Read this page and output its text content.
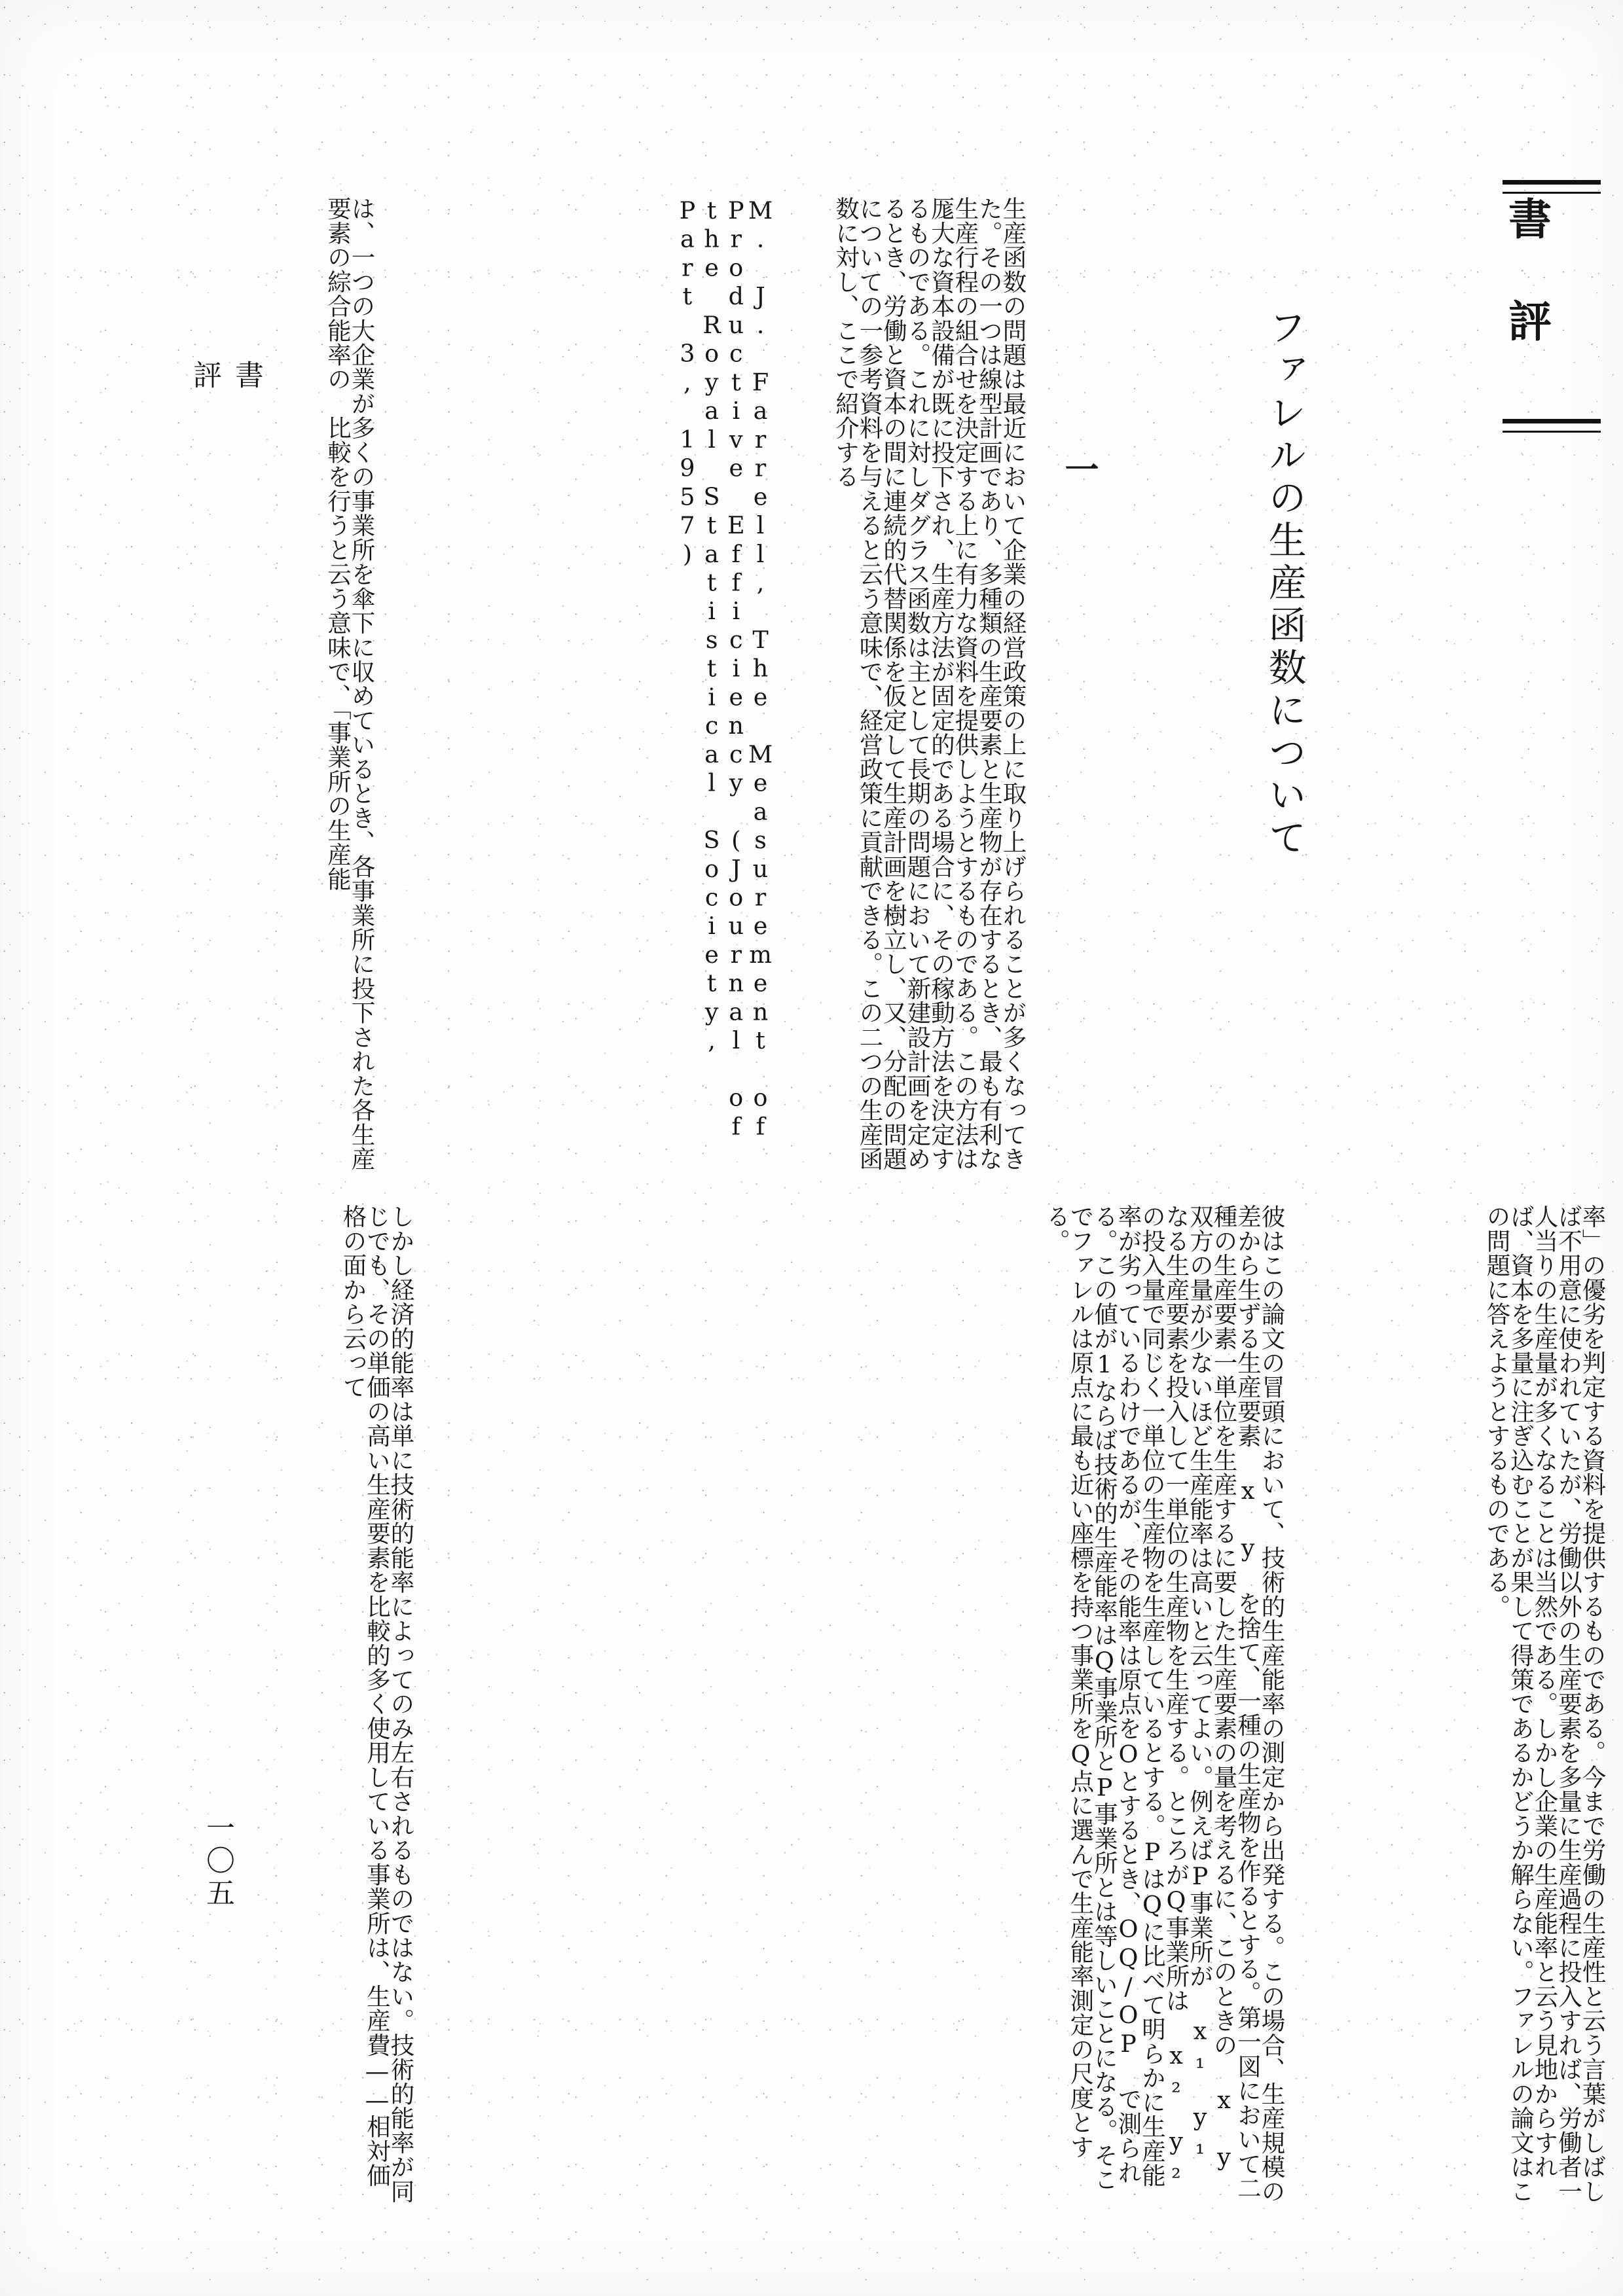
書　評
ファレルの生産函数について
一
書　　評
一〇五
生産函数の問題は最近において企業の経営政策の上に取り上げられることが多くなってきた。その一つは線型計画であり、多種類の生産要素と生産物が存在するとき、最も有利な生産行程の組合せを決定する上に有力な資料を提供しようとするものである。この方法は厖大な資本設備が既に投下され、生産方法が固定的である場合に、その稼動方法を決定するものである。これに対しダグラス函数は主として長期の問題において新建設計画を定めるとき、労働と資本の間に連続的代替関係を仮定して生産計画を樹立し、又、分配の問題についての一参考資料を与えると云う意味で、経営政策に貢献できる。この二つの生産函数に対し、ここで紹介する
M. J. Farrell, The Measurement of Productive Efficiency (Journal of the Royal Statistical Society, Part 3, 1957)
は、一つの大企業が多くの事業所を傘下に収めているとき、各事業所に投下された各生産要素の綜合能率の　比較を行うと云う意味で、「事業所の生産能
率」の優劣を判定する資料を提供するものである。今まで労働の生産性と云う言葉がしばしば不用意に使われていたが、労働以外の生産要素を多量に生産過程に投入すれば、労働者一人当りの生産量が多くなることは当然である。しかし企業の生産能率と云う見地からすれば、資本を多量に注ぎ込むことが果して得策であるかどうか解らない。ファレルの論文はこの問題に答えようとするものである。
彼はこの論文の冒頭において、技術的生産能率の測定から出発する。この場合、生産規模の差から生ずる生産要素 x y を捨て、一種の生産物を作るとする。第一図において二種の生産要素一単位を生産するに要した生産要素の量を考えるに、このときの x y 双方の量が少ないほど生産能率は高いと云ってよい。例えばP事業所が x₁ y₁ なる生産要素を投入して一単位の生産物を生産する。ところがQ事業所は x₂ y₂ の投入量で同じく一単位の生産物を生産しているとする。PはQに比べて明らかに生産能率が劣っているわけであるが、その能率は原点をOとするとき、OQ/OP で測られる。この値が1ならば技術的生産能率はQ事業所とP事業所とは等しいことになる。そこでファレルは原点に最も近い座標を持つ事業所をQ点に選んで生産能率測定の尺度とする。
しかし経済的能率は単に技術的能率によってのみ左右されるものではない。技術的能率が同じでも、その単価の高い生産要素を比較的多く使用している事業所は、生産費——相対価格の面から云って
